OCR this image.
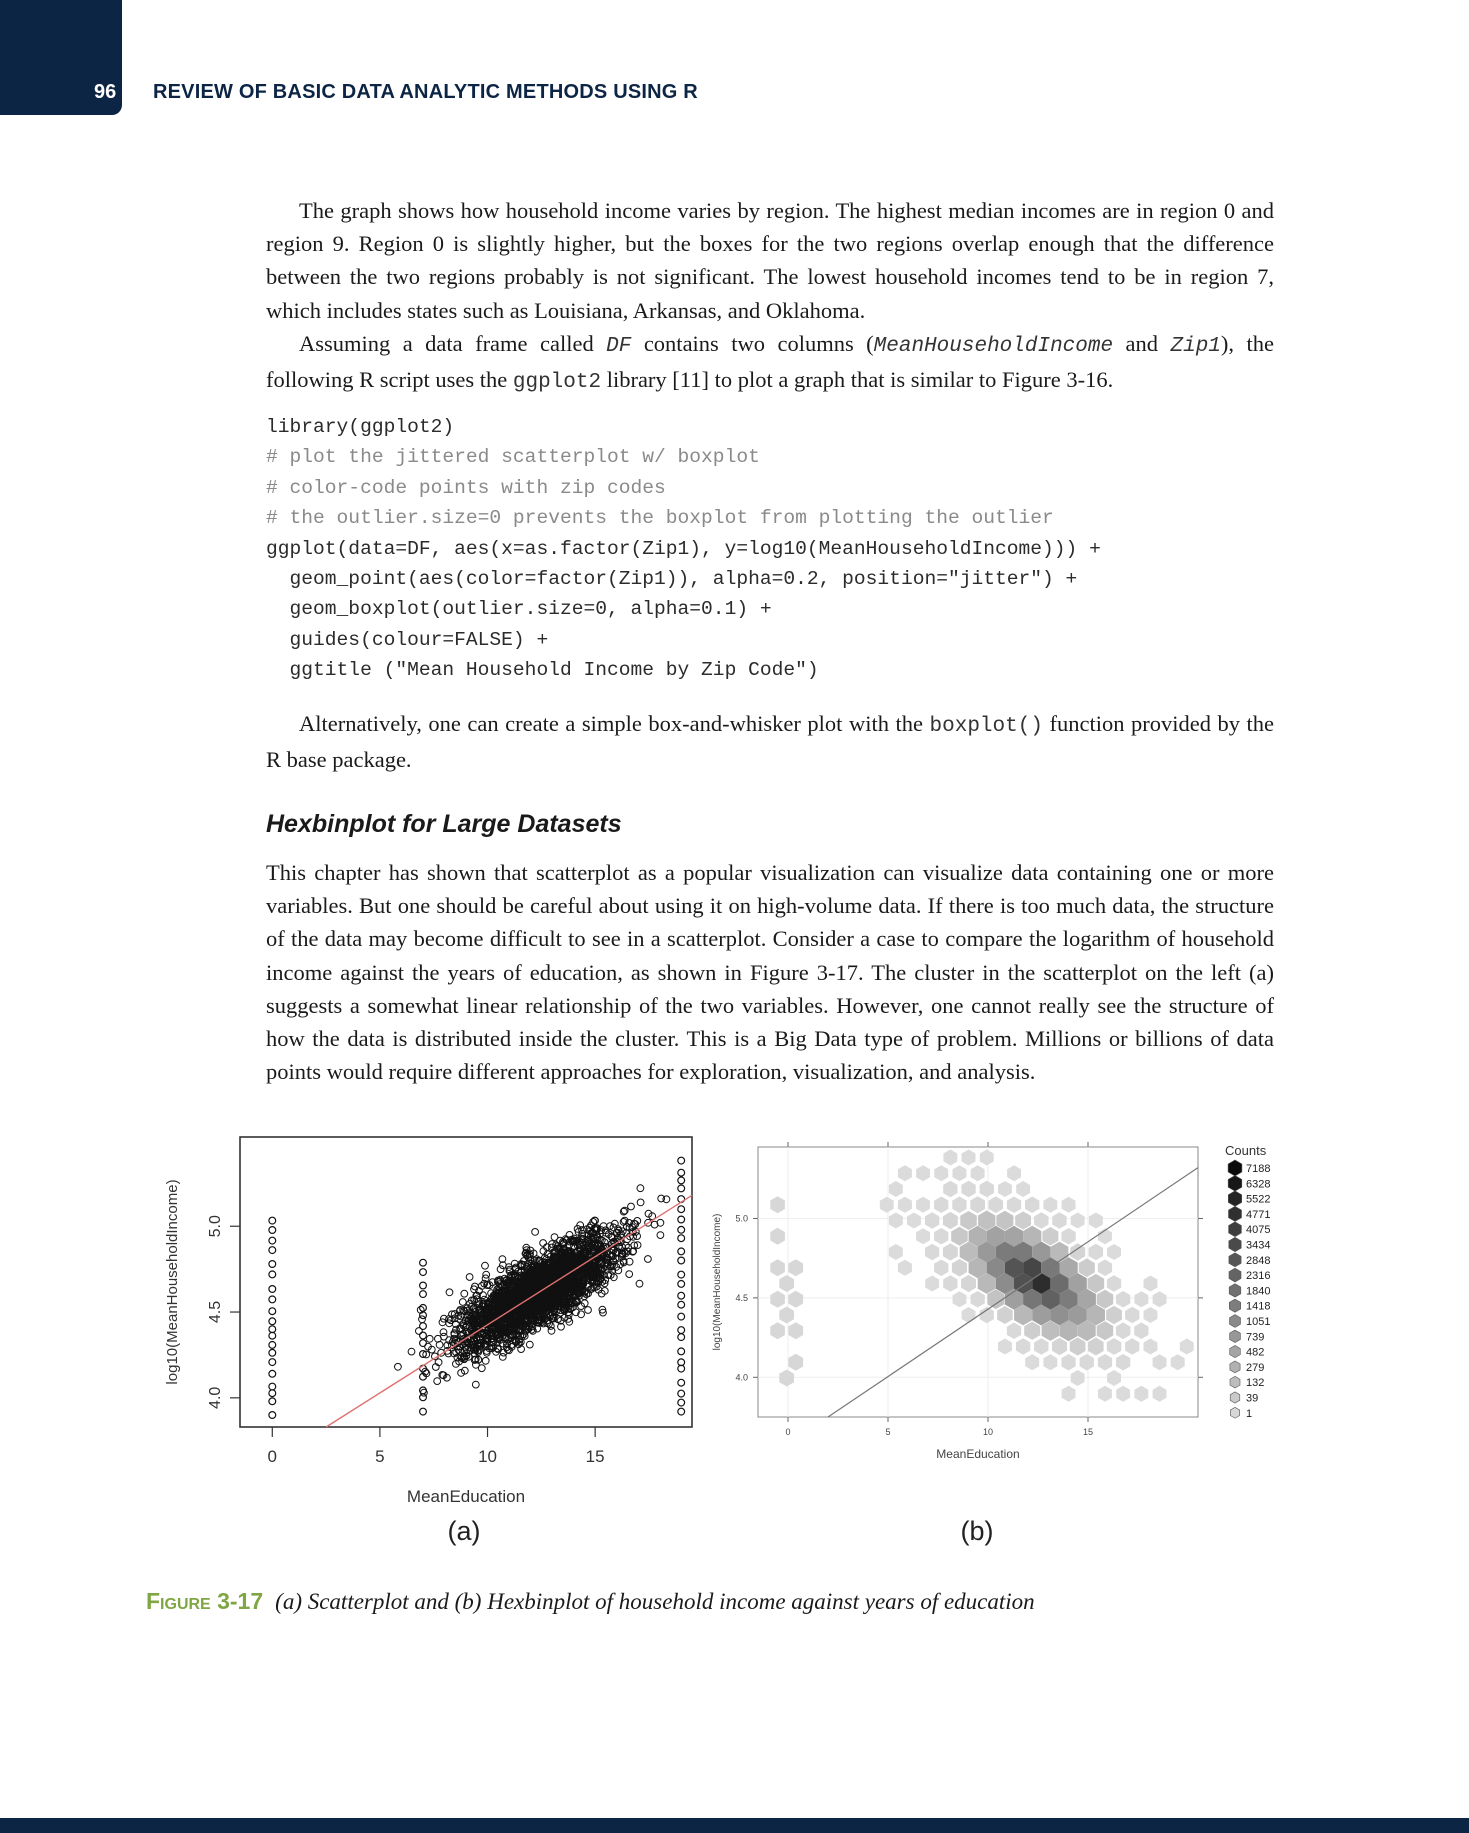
96 REVIEW OF BASIC DATA ANALYTIC METHODS USING R

The graph shows how household income varies by region. The highest median incomes are in region 0 and region 9. Region 0 is slightly higher, but the boxes for the two regions overlap enough that the difference between the two regions probably is not significant. The lowest household incomes tend to be in region 7, which includes states such as Louisiana, Arkansas, and Oklahoma.

Assuming a data frame called DF contains two columns (MeanHouseholdIncome and Zip1), the following R script uses the ggplot2 library [11] to plot a graph that is similar to Figure 3-16.

library(ggplot2)
# plot the jittered scatterplot w/ boxplot
# color-code points with zip codes
# the outlier.size=0 prevents the boxplot from plotting the outlier
ggplot(data=DF, aes(x=as.factor(Zip1), y=log10(MeanHouseholdIncome))) +
geom_point(aes(color=factor(Zip1)), alpha=0.2, position="jitter") +
geom_boxplot(outlier.size=0, alpha=0.1) +
guides(colour=FALSE) +
ggtitle ("Mean Household Income by Zip Code")

Alternatively, one can create a simple box-and-whisker plot with the boxplot() function provided by the R base package.

Hexbinplot for Large Datasets

This chapter has shown that scatterplot as a popular visualization can visualize data containing one or more variables. But one should be careful about using it on high-volume data. If there is too much data, the structure of the data may become difficult to see in a scatterplot. Consider a case to compare the logarithm of household income against the years of education, as shown in Figure 3-17. The cluster in the scatterplot on the left (a) suggests a somewhat linear relationship of the two variables. However, one cannot really see the structure of how the data is distributed inside the cluster. This is a Big Data type of problem. Millions or billions of data points would require different approaches for exploration, visualization, and analysis.

0	5	10	15
4.0
4.5
5.0
MeanEducation
log10(MeanHouseholdIncome)
(a)
0	5	10	15
4.0
4.5
5.0
MeanEducation
log10(MeanHouseholdIncome)
(b)
Counts
7188
6328
5522
4771
4075
3434
2848
2316
1840
1418
1051
739
482
279
132
39
1
Figure 3-17 (a) Scatterplot and (b) Hexbinplot of household income against years of education
